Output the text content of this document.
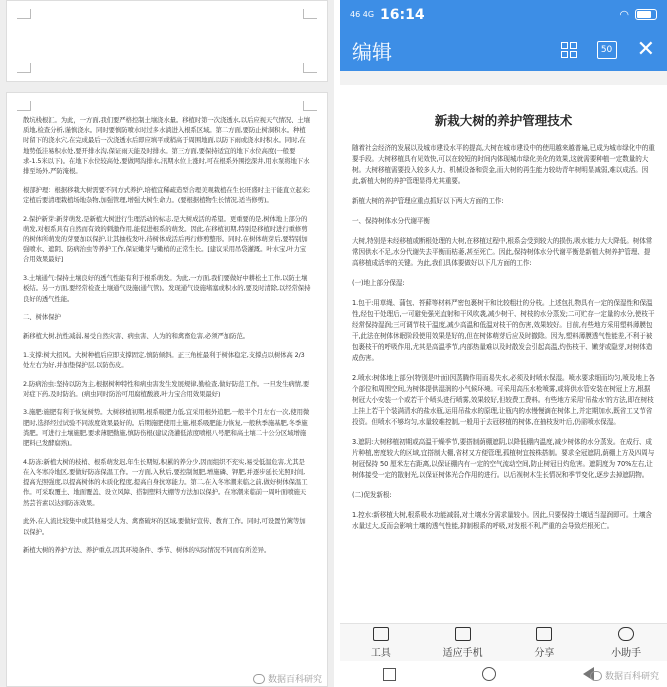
散坑栈根汇。为此，一方面,我们要严格控制土壤浇水量。移植时第一次浇透水,以后应视天气情况、土壤质地,检查分析,谨慎浇水。同时要慎防喷水时过多水淌进入根系区域。第二方面,要防止树洞积水。种植时留下的浇水穴,在完成最后一次浇透水后即应填平或稍高于周围地面,以防下雨或浇水时积水。同时,在地势低洼易积水处,要开排水沟,保证雨天能及时排水。第三方面,要保持适宜的地下水位高度(一般要求-1.5米以下)。在地下水位较高处,要做网沟排水,汛期水位上涨时,可在根系外围挖深井,用水泵将地下水排至场外,严防淹根。

根部护理：根据移栽大树需要不同方式养护,培植宜稀疏造型合理美观栽植在生长旺盛时主干能直立起来;定植后要清理栽植场地杂物,加强管理,增强大树生命力。(要根据植物生长情况,适当修剪)。

2.保护新芽:新芽萌发,是新植大树进行生理活动的标志,是大树成活的希望。更重要的是,树体地上部分的萌发,对根系具有自然而有效的刺激作用,能促进根系的萌发。因此,在移植初期,特别是移植时进行重修剪的树体所萌发的芽要加以保护,让其抽枝发叶,待树体成活后再行修剪整形。同时,在树体萌芽后,要特别加强喷水、遮阴、防病治虫等养护工作,保证嫩芽与嫩梢的正常生长。[建议采用吊袋灌溉。叶水宝,叶力宝合用效果最好]

3.土壤通气:保持土壤良好的透气性能有利于根系萌发。为此,一方面,我们要做好中耕松土工作,以防土壤板结。另一方面,要经常检查土壤通气设施(通气管)。发现通气设施堵塞或积水的,要及时清除,以经常保持良好的透气性能。

二、树体保护

新移植大树,抗性减弱,易受自然灾害、病虫害、人为的和禽畜危害,必须严加防范。

1.支撑:树大招风。大树种植后应即支撑固定,慎防倾斜。正三角桩最利于树体稳定,支撑点以树体高 2/3 处左右为好,并加垫保护层,以防伤皮。

2.防病治虫:坚持以防为主,根据树种特性和病虫害发生发展规律,勤检查,做好防范工作。一旦发生病情,要对症下药,及时防治。(病虫同时防治可用腐植酸液,叶力宝合用效果最好)

3.施肥:施肥有利于恢复树势。大树移植初期,根系吸肥力低,宜采用根外追肥,一般半个月左右一次,使用微肥时,选择经过试验不同浓度效果最好的。后期施肥使用土施,根系吸肥能力恢复,一般秋季施基肥,冬季施粪肥。可进行土壤施肥,要求薄肥勤施,慎防伤根(建议浇灌低浓度喷根八号肥和高土壤二十公分区域增施肥料已发酵腐熟)。

4.防冻:新植大树的枝梢、根系萌发迟,年生长期短,积累的养分少,因而组织不充实,易受低温危害,尤其是在入冬寒冷地区,要做好防冻保温工作。一方面,入秋后,要控制氮肥,增施磷、钾肥,并逐步延长光照时间,提高光照强度,以提高树体的木质化程度,提高自身抗寒能力。第二,在入冬寒潮来临之前,做好树体保温工作。可采取覆土、地面覆盖、设立风障、搭制塑料大棚等方法加以保护。在寒潮来临前一周叶面喷施天然芸苔素以达到防冻效果。

此外,在人流比较集中或其他易受人为、禽畜破坏的区域,要做好宣传、教育工作。同时,可设置竹篱等加以保护。

新植大树的养护方法、养护重点,因其环境条件、季节、树体的实际情况不同而有所差异。

数据百科研究
46 4G 16:14	◠
编辑	50 ✕
新栽大树的养护管理技术

随着社会经济的发展以及城市建设水平的提高,大树在城市建设中的使用越来越普遍,已成为城市绿化中的重要手段。大树移植具有见效快,可以在较短的时间内体现城市绿化美化的效果,这就需要种植一定数量的大树。大树移植需要投入较多人力、机械设备和资金,而大树的再生能力较幼青年树明显减弱,难以成活。因此,新植大树的养护管理显得尤其重要。

新植大树的养护管理应重点抓好以下两大方面的工作:

一、保持树体水分代谢平衡

大树,特别是未经移植或断根处理的大树,在移植过程中,根系会受到较大的损伤,吸水能力大大降低。树体常常因供水不足,水分代谢失去平衡而枯萎,甚至死亡。因此,保持树体水分代谢平衡是新植大树养护管理、提高移植成活率的关键。为此,我们具体要做好以下几方面的工作:

(一)地上部分保湿:

1.包干:用草绳、蒲包、苔藓等材料严密包裹树干和比较粗壮的分枝。上述包扎物具有一定的保湿性和保温性,经包干处理后,一可避免强光直射和干风吹袭,减少树干、树枝的水分蒸发;二可贮存一定量的水分,使枝干经常保持湿润;三可调节枝干温度,减少高温和低温对枝干的伤害,效果较好。目前,有些地方采用塑料薄膜包干,此法在树体休眠阶段使用效果是好的,但在树体萌芽后应及时撤除。因为,塑料薄膜透气性能差,不利于被包裹枝干的呼吸作用,尤其是高温季节,内部热量难以及时散发会引起高温,灼伤枝干、嫩芽或隐芽,对树体造成伤害。

2.喷水:树体地上部分(特别是叶面)因蒸腾作用而易失水,必须及时喷水保湿。喷水要求细而均匀,喷及地上各个部位和周围空间,为树体提供湿润的小气候环境。可采用高压水枪喷雾,或将供水管安装在树冠上方,根据树冠大小安装一个或若干个喷头进行喷雾,效果较好,但较费工费料。有些地方采用'吊盐水'的方法,即在树枝上挂上若干个装满清水的盐水瓶,运用吊盐水的原理,让瓶内的水慢慢滴在树体上,并定期加水,既省工又节省投资。但喷水不够均匀,水量较难控制,一般用于去冠移植的树体,在抽枝发叶后,仍需喷水保湿。

3.遮阴:大树移植初期或高温干燥季节,要搭制荫棚遮阴,以降低棚内温度,减少树体的水分蒸发。在成行、成片种植,密度较大的区域,宜搭制大棚,省材又方便管理,孤植树宜按株搭制。要求全冠遮阴,荫棚上方及四周与树冠保持 50 厘米左右距离,以保证棚内有一定的空气流动空间,防止树冠日灼危害。遮阴度为 70%左右,让树体接受一定的散射光,以保证树体光合作用的进行。以后视树木生长情况和季节变化,逐步去掉遮阴物。

(二)促发新根:

1.控水:新移植大树,根系吸水功能减弱,对土壤水分需求量较小。因此,只要保持土壤适当湿润即可。土壤含水量过大,反而会影响土壤的透气性能,抑制根系的呼吸,对发根不利,严重的会导致烂根死亡。

工具	适应手机	分享	小助手
数据百科研究
